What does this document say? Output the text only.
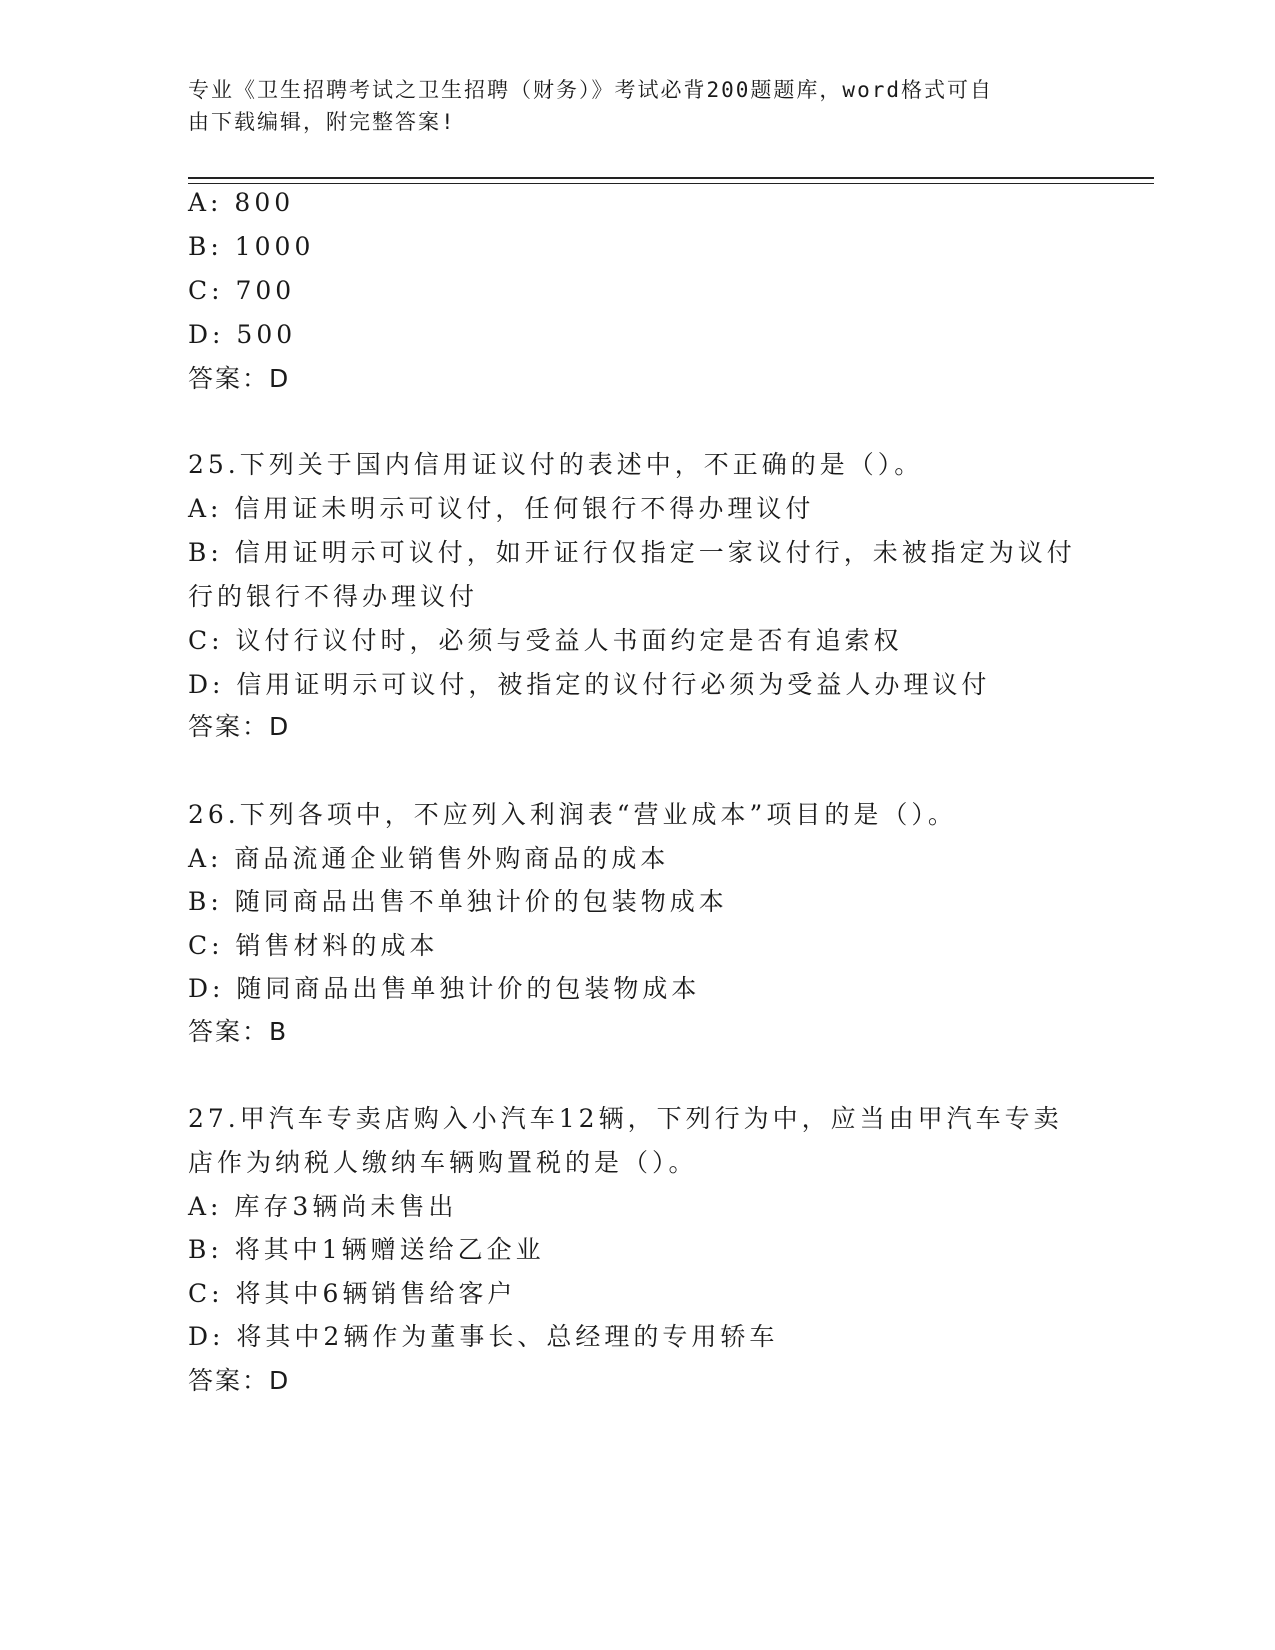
专业《卫生招聘考试之卫生招聘（财务）》考试必背200题题库，word格式可自
由下载编辑，附完整答案!
A: 800
B: 1000
C: 700
D: 500
答案：D
25.下列关于国内信用证议付的表述中，不正确的是（）。
A: 信用证未明示可议付，任何银行不得办理议付
B: 信用证明示可议付，如开证行仅指定一家议付行，未被指定为议付
行的银行不得办理议付
C: 议付行议付时，必须与受益人书面约定是否有追索权
D: 信用证明示可议付，被指定的议付行必须为受益人办理议付
答案：D
26.下列各项中，不应列入利润表“营业成本”项目的是（）。
A: 商品流通企业销售外购商品的成本
B: 随同商品出售不单独计价的包装物成本
C: 销售材料的成本
D: 随同商品出售单独计价的包装物成本
答案：B
27.甲汽车专卖店购入小汽车12辆，下列行为中，应当由甲汽车专卖
店作为纳税人缴纳车辆购置税的是（）。
A: 库存3辆尚未售出
B: 将其中1辆赠送给乙企业
C: 将其中6辆销售给客户
D: 将其中2辆作为董事长、总经理的专用轿车
答案：D
